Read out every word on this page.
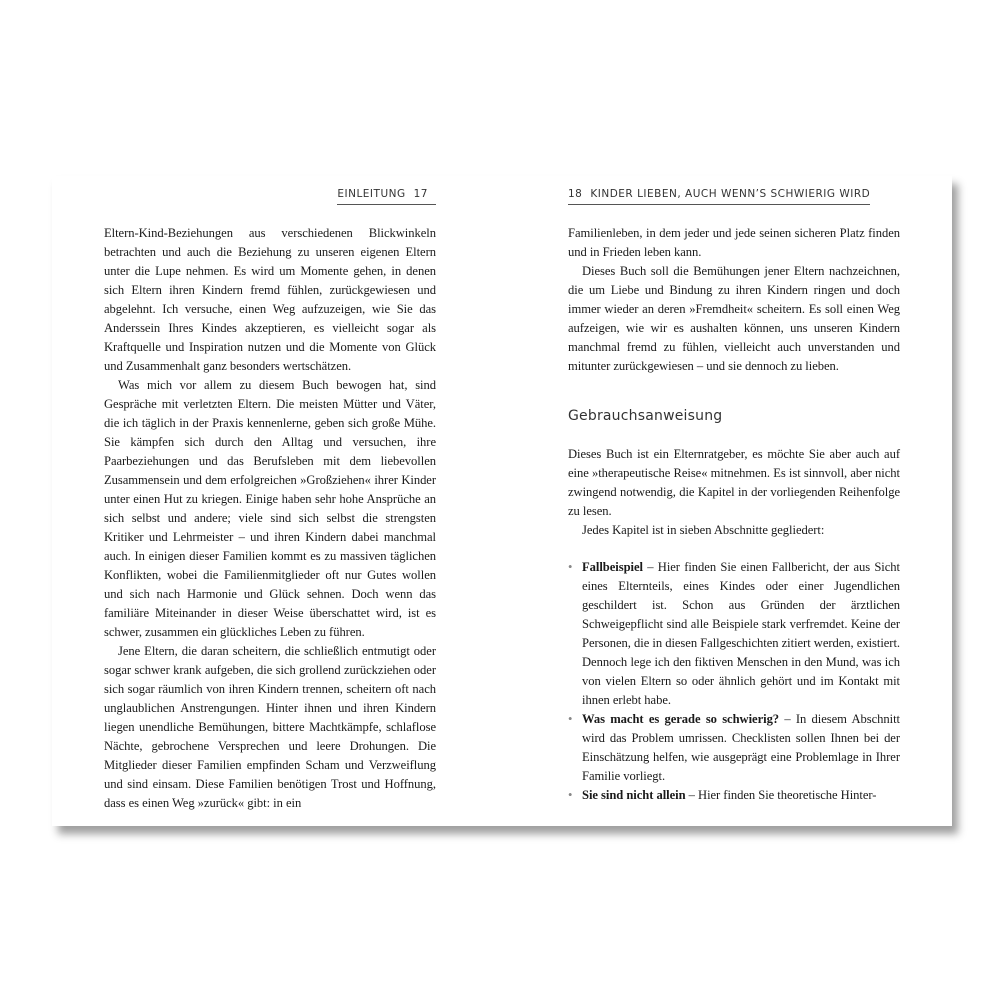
EINLEITUNG 17

Eltern-Kind-Beziehungen aus verschiedenen Blickwinkeln betrachten und auch die Beziehung zu unseren eigenen Eltern unter die Lupe nehmen. Es wird um Momente gehen, in denen sich Eltern ihren Kindern fremd fühlen, zurückgewiesen und abgelehnt. Ich versuche, einen Weg aufzuzeigen, wie Sie das Anderssein Ihres Kindes akzeptieren, es vielleicht sogar als Kraftquelle und Inspiration nutzen und die Momente von Glück und Zusammenhalt ganz besonders wertschätzen.

Was mich vor allem zu diesem Buch bewogen hat, sind Gespräche mit verletzten Eltern. Die meisten Mütter und Väter, die ich täglich in der Praxis kennenlerne, geben sich große Mühe. Sie kämpfen sich durch den Alltag und versuchen, ihre Paarbeziehungen und das Berufsleben mit dem liebevollen Zusammensein und dem erfolgreichen »Großziehen« ihrer Kinder unter einen Hut zu kriegen. Einige haben sehr hohe Ansprüche an sich selbst und andere; viele sind sich selbst die strengsten Kritiker und Lehrmeister – und ihren Kindern dabei manchmal auch. In einigen dieser Familien kommt es zu massiven täglichen Konflikten, wobei die Familienmitglieder oft nur Gutes wollen und sich nach Harmonie und Glück sehnen. Doch wenn das familiäre Miteinander in dieser Weise überschattet wird, ist es schwer, zusammen ein glückliches Leben zu führen.

Jene Eltern, die daran scheitern, die schließlich entmutigt oder sogar schwer krank aufgeben, die sich grollend zurückziehen oder sich sogar räumlich von ihren Kindern trennen, scheitern oft nach unglaublichen Anstrengungen. Hinter ihnen und ihren Kindern liegen unendliche Bemühungen, bittere Machtkämpfe, schlaflose Nächte, gebrochene Versprechen und leere Drohungen. Die Mitglieder dieser Familien empfinden Scham und Verzweiflung und sind einsam. Diese Familien benötigen Trost und Hoffnung, dass es einen Weg »zurück« gibt: in ein

18 KINDER LIEBEN, AUCH WENN’S SCHWIERIG WIRD

Familienleben, in dem jeder und jede seinen sicheren Platz finden und in Frieden leben kann.

Dieses Buch soll die Bemühungen jener Eltern nachzeichnen, die um Liebe und Bindung zu ihren Kindern ringen und doch immer wieder an deren »Fremdheit« scheitern. Es soll einen Weg aufzeigen, wie wir es aushalten können, uns unseren Kindern manchmal fremd zu fühlen, vielleicht auch unverstanden und mitunter zurückgewiesen – und sie dennoch zu lieben.

Gebrauchsanweisung

Dieses Buch ist ein Elternratgeber, es möchte Sie aber auch auf eine »therapeutische Reise« mitnehmen. Es ist sinnvoll, aber nicht zwingend notwendig, die Kapitel in der vorliegenden Reihenfolge zu lesen.

Jedes Kapitel ist in sieben Abschnitte gegliedert:

• Fallbeispiel – Hier finden Sie einen Fallbericht, der aus Sicht eines Elternteils, eines Kindes oder einer Jugendlichen geschildert ist. Schon aus Gründen der ärztlichen Schweigepflicht sind alle Beispiele stark verfremdet. Keine der Personen, die in diesen Fallgeschichten zitiert werden, existiert. Dennoch lege ich den fiktiven Menschen in den Mund, was ich von vielen Eltern so oder ähnlich gehört und im Kontakt mit ihnen erlebt habe.
• Was macht es gerade so schwierig? – In diesem Abschnitt wird das Problem umrissen. Checklisten sollen Ihnen bei der Einschätzung helfen, wie ausgeprägt eine Problemlage in Ihrer Familie vorliegt.
• Sie sind nicht allein – Hier finden Sie theoretische Hinter-
